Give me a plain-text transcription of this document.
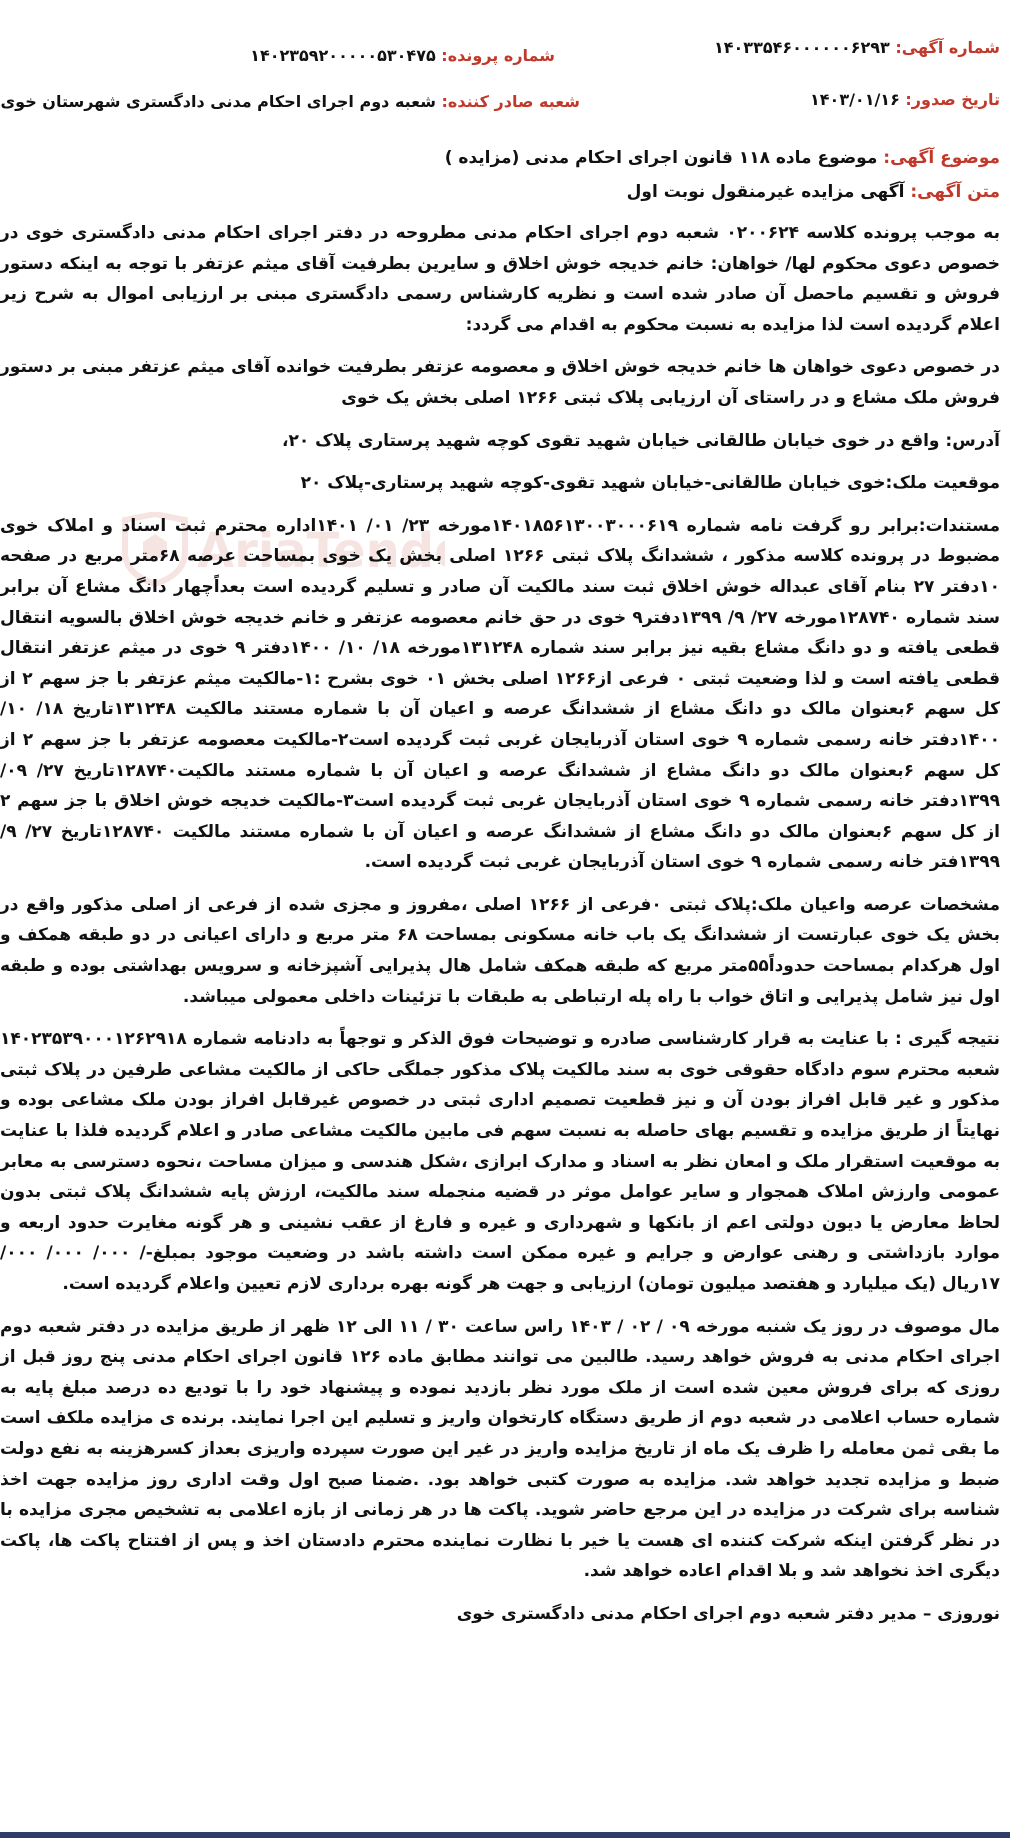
AriaTend
شماره آگهی: ۱۴۰۳۳۵۴۶۰۰۰۰۰۰۶۲۹۳
شماره پرونده: ۱۴۰۲۳۵۹۲۰۰۰۰۰۵۳۰۴۷۵
تاریخ صدور: ۱۴۰۳/۰۱/۱۶
شعبه صادر کننده: شعبه دوم اجرای احکام مدنی دادگستری شهرستان خوی
موضوع آگهی: موضوع ماده ۱۱۸ قانون اجرای احکام مدنی (مزایده )
متن آگهی: آگهی مزایده غیرمنقول نوبت اول

به موجب پرونده کلاسه ۰۲۰۰۶۲۴ شعبه دوم اجرای احکام مدنی مطروحه در دفتر اجرای احکام مدنی دادگستری خوی در خصوص دعوی محکوم لها/ خواهان: خانم خدیجه خوش اخلاق و سایرین بطرفیت آقای میثم عزتفر با توجه به اینکه دستور فروش و تقسیم ماحصل آن صادر شده است و نظریه کارشناس رسمی دادگستری مبنی بر ارزیابی اموال به شرح زیر اعلام گردیده است لذا مزایده به نسبت محکوم به اقدام می گردد:

در خصوص دعوی خواهان ها خانم خدیجه خوش اخلاق و معصومه عزتفر بطرفیت خوانده آقای میثم عزتفر مبنی بر دستور فروش ملک مشاع و در راستای آن ارزیابی پلاک ثبتی ۱۲۶۶ اصلی بخش یک خوی

آدرس: واقع در خوی خیابان طالقانی خیابان شهید تقوی کوچه شهید پرستاری پلاک ۲۰،

موقعیت ملک:خوی خیابان طالقانی-خیابان شهید تقوی-کوچه شهید پرستاری-پلاک ۲۰

مستندات:برابر رو گرفت نامه شماره ۱۴۰۱۸۵۶۱۳۰۰۳۰۰۰۶۱۹مورخه ۲۳/ ۰۱/ ۱۴۰۱اداره محترم ثبت اسناد و املاک خوی مضبوط در پرونده کلاسه مذکور ، ششدانگ پلاک ثبتی ۱۲۶۶ اصلی بخش یک خوی بمساحت عرصه ۶۸متر مربع در صفحه ۱۰دفتر ۲۷ بنام آقای عبداله خوش اخلاق ثبت سند مالکیت آن صادر و تسلیم گردیده است بعداًچهار دانگ مشاع آن برابر سند شماره ۱۲۸۷۴۰مورخه ۲۷/ ۹/ ۱۳۹۹دفتر۹ خوی در حق خانم معصومه عزتفر و خانم خدیجه خوش اخلاق بالسویه انتقال قطعی یافته و دو دانگ مشاع بقیه نیز برابر سند شماره ۱۳۱۲۴۸مورخه ۱۸/ ۱۰/ ۱۴۰۰دفتر ۹ خوی در میثم عزتفر انتقال قطعی یافته است و لذا وضعیت ثبتی ۰ فرعی از۱۲۶۶ اصلی بخش ۰۱ خوی بشرح :۱-مالکیت میثم عزتفر با جز سهم ۲ از کل سهم ۶بعنوان مالک دو دانگ مشاع از ششدانگ عرصه و اعیان آن با شماره مستند مالکیت ۱۳۱۲۴۸تاریخ ۱۸/ ۱۰/ ۱۴۰۰دفتر خانه رسمی شماره ۹ خوی استان آذربایجان غربی ثبت گردیده است۲-مالکیت معصومه عزتفر با جز سهم ۲ از کل سهم ۶بعنوان مالک دو دانگ مشاع از ششدانگ عرصه و اعیان آن با شماره مستند مالکیت۱۲۸۷۴۰تاریخ ۲۷/ ۰۹/ ۱۳۹۹دفتر خانه رسمی شماره ۹ خوی استان آذربایجان غربی ثبت گردیده است۳-مالکیت خدیجه خوش اخلاق با جز سهم ۲ از کل سهم ۶بعنوان مالک دو دانگ مشاع از ششدانگ عرصه و اعیان آن با شماره مستند مالکیت ۱۲۸۷۴۰تاریخ ۲۷/ ۹/ ۱۳۹۹فتر خانه رسمی شماره ۹ خوی استان آذربایجان غربی ثبت گردیده است.

مشخصات عرصه واعیان ملک:پلاک ثبتی ۰فرعی از ۱۲۶۶ اصلی ،مفروز و مجزی شده از فرعی از اصلی مذکور واقع در بخش یک خوی عبارتست از ششدانگ یک باب خانه مسکونی بمساحت ۶۸ متر مربع و دارای اعیانی در دو طبقه همکف و اول هرکدام بمساحت حدوداً۵۵متر مربع که طبقه همکف شامل هال پذیرایی آشپزخانه و سرویس بهداشتی بوده و طبقه اول نیز شامل پذیرایی و اتاق خواب با راه پله ارتباطی به طبقات با تزئینات داخلی معمولی میباشد.

نتیجه گیری : با عنایت به قرار کارشناسی صادره و توضیحات فوق الذکر و توجهاً به دادنامه شماره ۱۴۰۲۳۵۳۹۰۰۰۱۲۶۲۹۱۸ شعبه محترم سوم دادگاه حقوقی خوی به سند مالکیت پلاک مذکور جملگی حاکی از مالکیت مشاعی طرفین در پلاک ثبتی مذکور و غیر قابل افراز بودن آن و نیز قطعیت تصمیم اداری ثبتی در خصوص غیرقابل افراز بودن ملک مشاعی بوده و نهایتاً از طریق مزایده و تقسیم بهای حاصله به نسبت سهم فی مابین مالکیت مشاعی صادر و اعلام گردیده فلذا با عنایت به موقعیت استقرار ملک و امعان نظر به اسناد و مدارک ابرازی ،شکل هندسی و میزان مساحت ،نحوه دسترسی به معابر عمومی وارزش املاک همجوار و سایر عوامل موثر در قضیه منجمله سند مالکیت، ارزش پایه ششدانگ پلاک ثبتی بدون لحاظ معارض یا دیون دولتی اعم از بانکها و شهرداری و غیره و فارغ از عقب نشینی و هر گونه مغایرت حدود اربعه و موارد بازداشتی و رهنی عوارض و جرایم و غیره ممکن است داشته باشد در وضعیت موجود بمبلغ-/ ۰۰۰/ ۰۰۰/ ۰۰۰/ ۱۷ریال (یک میلیارد و هفتصد میلیون تومان) ارزیابی و جهت هر گونه بهره برداری لازم تعیین واعلام گردیده است.

مال موصوف در روز یک شنبه مورخه ۰۹ / ۰۲ / ۱۴۰۳ راس ساعت ۳۰ / ۱۱ الی ۱۲ ظهر از طریق مزایده در دفتر شعبه دوم اجرای احکام مدنی به فروش خواهد رسید. طالبین می توانند مطابق ماده ۱۲۶ قانون اجرای احکام مدنی پنج روز قبل از روزی که برای فروش معین شده است از ملک مورد نظر بازدید نموده و پیشنهاد خود را با تودیع ده درصد مبلغ پایه به شماره حساب اعلامی در شعبه دوم از طریق دستگاه کارتخوان واریز و تسلیم این اجرا نمایند. برنده ی مزایده ملکف است ما بقی ثمن معامله را ظرف یک ماه از تاریخ مزایده واریز در غیر این صورت سپرده واریزی بعداز کسرهزینه به نفع دولت ضبط و مزایده تجدید خواهد شد. مزایده به صورت کتبی خواهد بود. .ضمنا صبح اول وقت اداری روز مزایده جهت اخذ شناسه برای شرکت در مزایده در این مرجع حاضر شوید. پاکت ها در هر زمانی از بازه اعلامی به تشخیص مجری مزایده با در نظر گرفتن اینکه شرکت کننده ای هست یا خیر با نظارت نماینده محترم دادستان اخذ و پس از افتتاح پاکت ها، پاکت دیگری اخذ نخواهد شد و بلا اقدام اعاده خواهد شد.

نوروزی – مدیر دفتر شعبه دوم اجرای احکام مدنی دادگستری خوی
